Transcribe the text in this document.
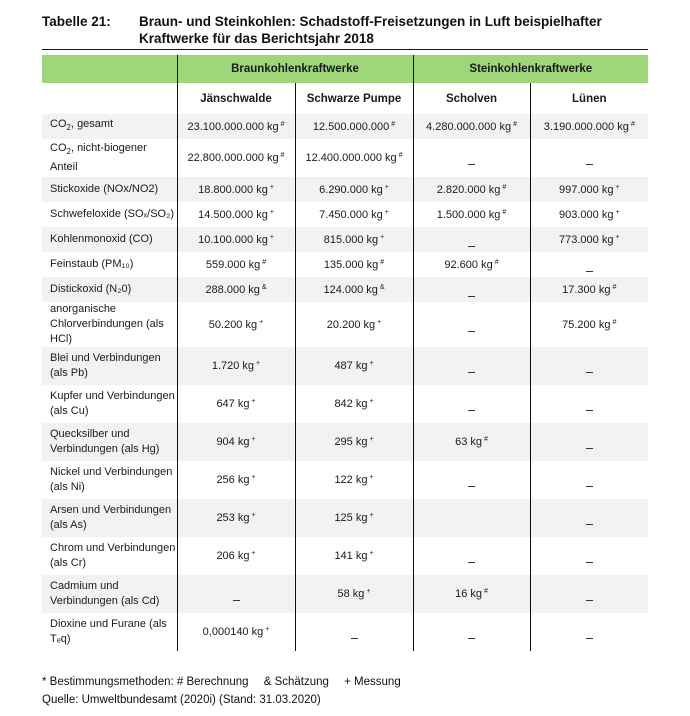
Tabelle 21: Braun- und Steinkohlen: Schadstoff-Freisetzungen in Luft beispielhafter Kraftwerke für das Berichtsjahr 2018
	Braunkohlenkraftwerke		Steinkohlenkraftwerke	
	Jänschwalde	Schwarze Pumpe	Scholven	Lünen
$CO_2$, gesamt	23.100.000.000 kg #	12.500.000.000 #	4.280.000.000 kg #	3.190.000.000 kg #
$CO_2$, nicht-biogener Anteil	22.800.000.000 kg #	12.400.000.000 kg #		
Stickoxide (NOx/NO2)	18.800.000 kg +	6.290.000 kg +	2.820.000 kg #	997.000 kg +
Schwefeloxide (SOₓ/SO₂)	14.500.000 kg +	7.450.000 kg +	1.500.000 kg #	903.000 kg +
Kohlenmonoxid (CO)	10.100.000 kg +	815.000 kg +		773.000 kg +
Feinstaub (PM₁₀)	559.000 kg #	135.000 kg #	92.600 kg #	
Distickoxid (N₂0)	288.000 kg &	124.000 kg &		17.300 kg #
anorganische Chlorverbindungen (als HCl)	50.200 kg +	20.200 kg +		75.200 kg #
Blei und Verbindungen (als Pb)	1.720 kg +	487 kg +		
Kupfer und Verbindungen (als Cu)	647 kg +	842 kg +		
Quecksilber und Verbindungen (als Hg)	904 kg +	295 kg +	63 kg #	
Nickel und Verbindungen (als Ni)	256 kg +	122 kg +		
Arsen und Verbindungen (als As)	253 kg +	125 kg +		
Chrom und Verbindungen (als Cr)	206 kg +	141 kg +		
Cadmium und Verbindungen (als Cd)		58 kg +	16 kg #	
Dioxine und Furane (als Tₑq)	0,000140 kg +			
* Bestimmungsmethoden: # Berechnung & Schätzung + Messung
Quelle: Umweltbundesamt (2020i) (Stand: 31.03.2020)
